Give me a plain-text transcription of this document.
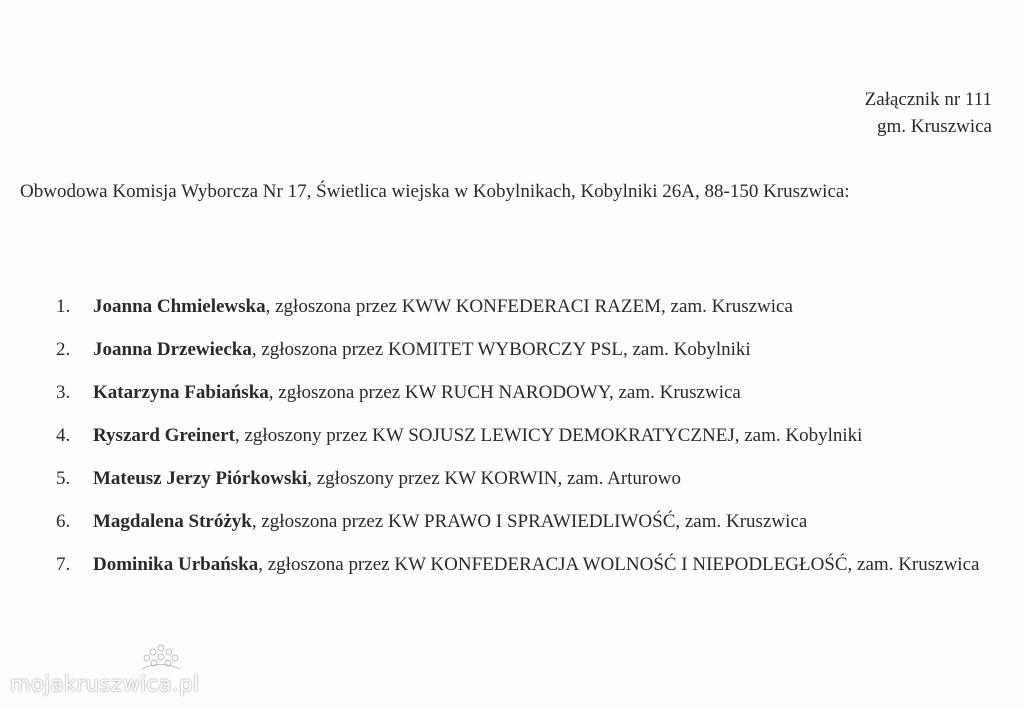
Załącznik nr 111
gm. Kruszwica
Obwodowa Komisja Wyborcza Nr 17, Świetlica wiejska w Kobylnikach, Kobylniki 26A, 88-150 Kruszwica:
1. Joanna Chmielewska, zgłoszona przez KWW KONFEDERACI RAZEM, zam. Kruszwica
2. Joanna Drzewiecka, zgłoszona przez KOMITET WYBORCZY PSL, zam. Kobylniki
3. Katarzyna Fabiańska, zgłoszona przez KW RUCH NARODOWY, zam. Kruszwica
4. Ryszard Greinert, zgłoszony przez KW SOJUSZ LEWICY DEMOKRATYCZNEJ, zam. Kobylniki
5. Mateusz Jerzy Piórkowski, zgłoszony przez KW KORWIN, zam. Arturowo
6. Magdalena Stróżyk, zgłoszona przez KW PRAWO I SPRAWIEDLIWOŚĆ, zam. Kruszwica
7. Dominika Urbańska, zgłoszona przez KW KONFEDERACJA WOLNOŚĆ I NIEPODLEGŁOŚĆ, zam. Kruszwica
mojakruszwica.pl
